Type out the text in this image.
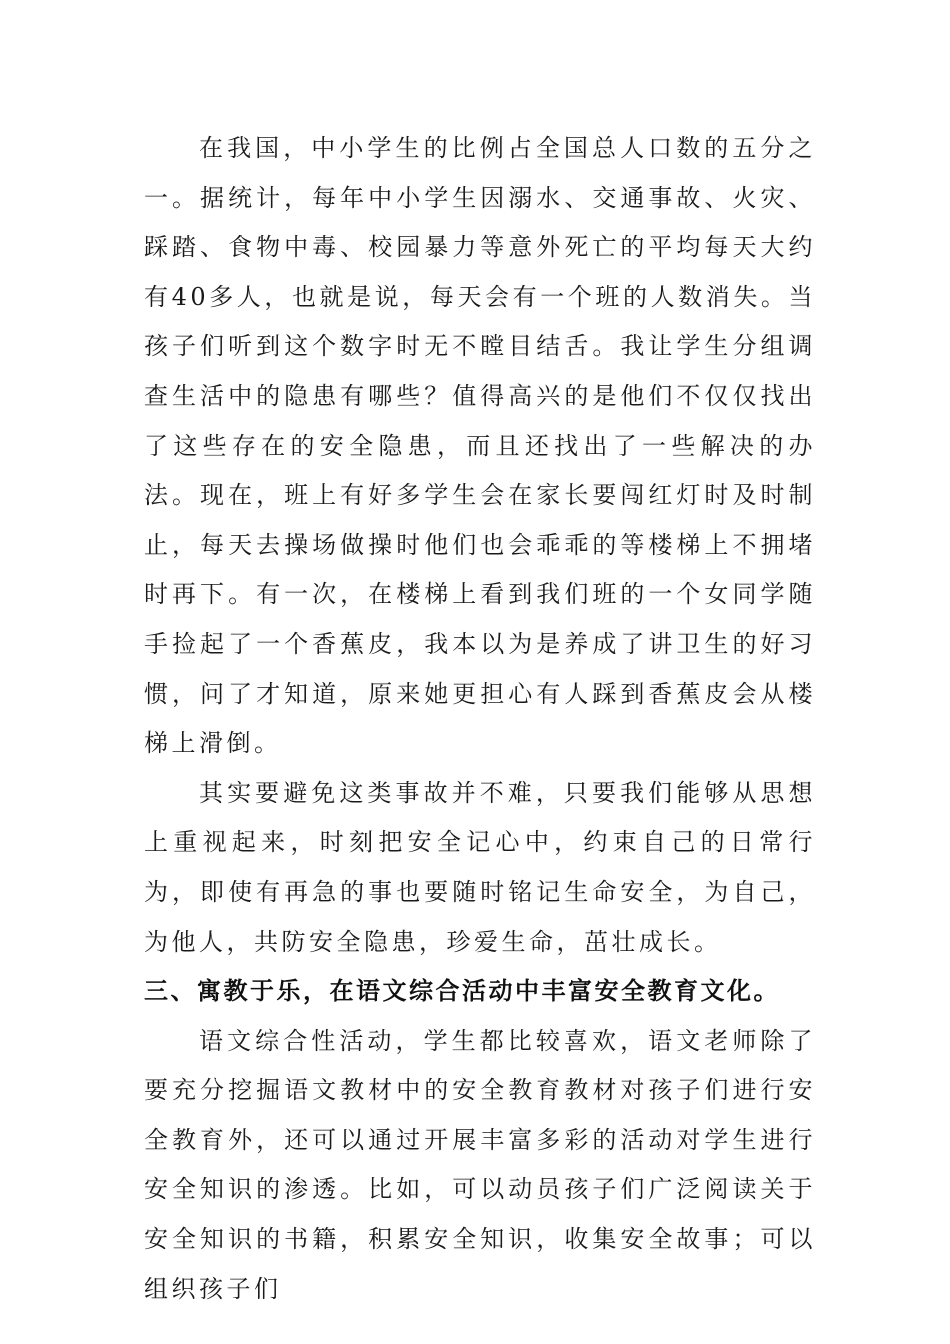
在我国，中小学生的比例占全国总人口数的五分之一。据统计，每年中小学生因溺水、交通事故、火灾、踩踏、食物中毒、校园暴力等意外死亡的平均每天大约有40多人，也就是说，每天会有一个班的人数消失。当孩子们听到这个数字时无不瞠目结舌。我让学生分组调查生活中的隐患有哪些？值得高兴的是他们不仅仅找出了这些存在的安全隐患，而且还找出了一些解决的办法。现在，班上有好多学生会在家长要闯红灯时及时制止，每天去操场做操时他们也会乖乖的等楼梯上不拥堵时再下。有一次，在楼梯上看到我们班的一个女同学随手捡起了一个香蕉皮，我本以为是养成了讲卫生的好习惯，问了才知道，原来她更担心有人踩到香蕉皮会从楼梯上滑倒。

其实要避免这类事故并不难，只要我们能够从思想上重视起来，时刻把安全记心中，约束自己的日常行为，即使有再急的事也要随时铭记生命安全，为自己，为他人，共防安全隐患，珍爱生命，茁壮成长。

三、寓教于乐，在语文综合活动中丰富安全教育文化。

语文综合性活动，学生都比较喜欢，语文老师除了要充分挖掘语文教材中的安全教育教材对孩子们进行安全教育外，还可以通过开展丰富多彩的活动对学生进行安全知识的渗透。比如，可以动员孩子们广泛阅读关于安全知识的书籍，积累安全知识，收集安全故事；可以组织孩子们
